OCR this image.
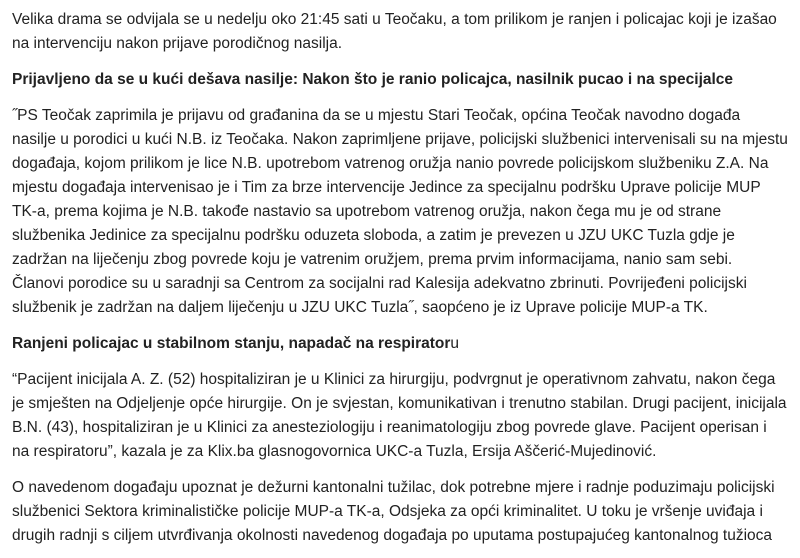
Velika drama se odvijala se u nedelju oko 21:45 sati u Teočaku, a tom prilikom je ranjen i policajac koji je izašao na intervenciju nakon prijave porodičnog nasilja.

Prijavljeno da se u kući dešava nasilje: Nakon što je ranio policajca, nasilnik pucao i na specijalce

˝PS Teočak zaprimila je prijavu od građanina da se u mjestu Stari Teočak, općina Teočak navodno događa nasilje u porodici u kući N.B. iz Teočaka. Nakon zaprimljene prijave, policijski službenici intervenisali su na mjestu događaja, kojom prilikom je lice N.B. upotrebom vatrenog oružja nanio povrede policijskom službeniku Z.A. Na mjestu događaja intervenisao je i Tim za brze intervencije Jedince za specijalnu podršku Uprave policije MUP TK-a, prema kojima je N.B. takođe nastavio sa upotrebom vatrenog oružja, nakon čega mu je od strane službenika Jedinice za specijalnu podršku oduzeta sloboda, a zatim je prevezen u JZU UKC Tuzla gdje je zadržan na liječenju zbog povrede koju je vatrenim oružjem, prema prvim informacijama, nanio sam sebi. Članovi porodice su u saradnji sa Centrom za socijalni rad Kalesija adekvatno zbrinuti. Povrijeđeni policijski službenik je zadržan na daljem liječenju u JZU UKC Tuzla˝, saopćeno je iz Uprave policije MUP-a TK.

Ranjeni policajac u stabilnom stanju, napadač na respiratoru

“Pacijent inicijala A. Z. (52) hospitaliziran je u Klinici za hirurgiju, podvrgnut je operativnom zahvatu, nakon čega je smješten na Odjeljenje opće hirurgije. On je svjestan, komunikativan i trenutno stabilan. Drugi pacijent, inicijala B.N. (43), hospitaliziran je u Klinici za anesteziologiju i reanimatologiju zbog povrede glave. Pacijent operisan i na respiratoru”, kazala je za Klix.ba glasnogovornica UKC-a Tuzla, Ersija Aščerić-Mujedinović.

O navedenom događaju upoznat je dežurni kantonalni tužilac, dok potrebne mjere i radnje poduzimaju policijski službenici Sektora kriminalističke policije MUP-a TK-a, Odsjeka za opći kriminalitet. U toku je vršenje uviđaja i drugih radnji s ciljem utvrđivanja okolnosti navedenog događaja po uputama postupajućeg kantonalnog tužioca
